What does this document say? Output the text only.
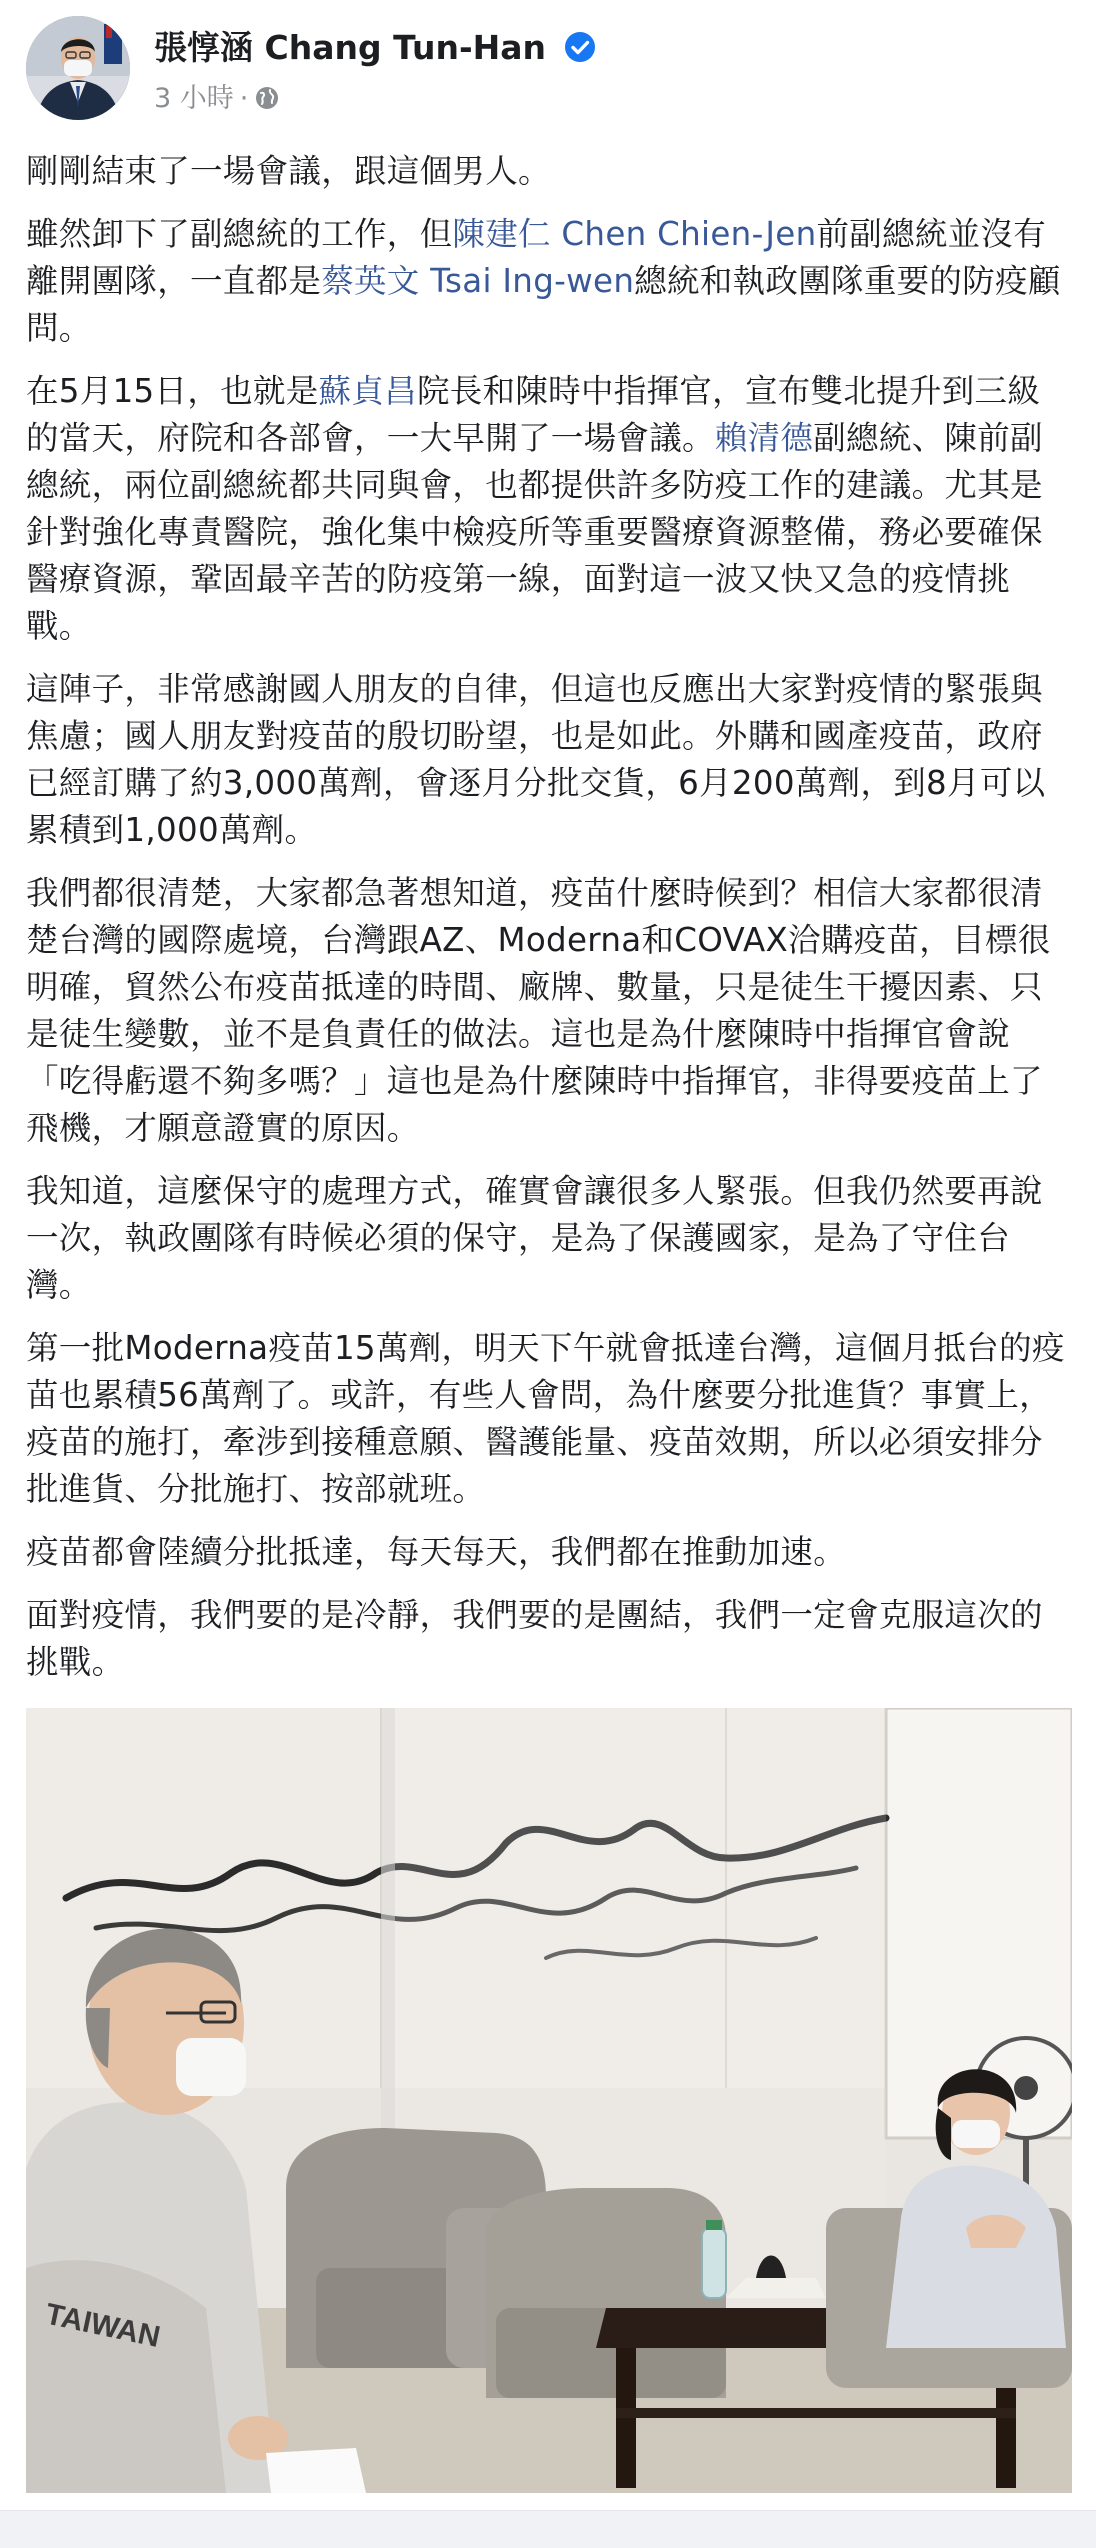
張惇涵 Chang Tun-Han
3 小時 ·

剛剛結束了一場會議，跟這個男人。

雖然卸下了副總統的工作，但陳建仁 Chen Chien-Jen前副總統並沒有離開團隊，一直都是蔡英文 Tsai Ing-wen總統和執政團隊重要的防疫顧問。

在5月15日，也就是蘇貞昌院長和陳時中指揮官，宣布雙北提升到三級的當天，府院和各部會，一大早開了一場會議。賴清德副總統、陳前副總統，兩位副總統都共同與會，也都提供許多防疫工作的建議。尤其是針對強化專責醫院，強化集中檢疫所等重要醫療資源整備，務必要確保醫療資源，鞏固最辛苦的防疫第一線，面對這一波又快又急的疫情挑戰。

這陣子，非常感謝國人朋友的自律，但這也反應出大家對疫情的緊張與焦慮；國人朋友對疫苗的殷切盼望，也是如此。外購和國產疫苗，政府已經訂購了約3,000萬劑，會逐月分批交貨，6月200萬劑，到8月可以累積到1,000萬劑。

我們都很清楚，大家都急著想知道，疫苗什麼時候到？相信大家都很清楚台灣的國際處境，台灣跟AZ、Moderna和COVAX洽購疫苗，目標很明確，貿然公布疫苗抵達的時間、廠牌、數量，只是徒生干擾因素、只是徒生變數，並不是負責任的做法。這也是為什麼陳時中指揮官會說「吃得虧還不夠多嗎？」這也是為什麼陳時中指揮官，非得要疫苗上了飛機，才願意證實的原因。

我知道，這麼保守的處理方式，確實會讓很多人緊張。但我仍然要再說一次，執政團隊有時候必須的保守，是為了保護國家，是為了守住台灣。

第一批Moderna疫苗15萬劑，明天下午就會抵達台灣，這個月抵台的疫苗也累積56萬劑了。或許，有些人會問，為什麼要分批進貨？事實上，疫苗的施打，牽涉到接種意願、醫護能量、疫苗效期，所以必須安排分批進貨、分批施打、按部就班。

疫苗都會陸續分批抵達，每天每天，我們都在推動加速。

面對疫情，我們要的是冷靜，我們要的是團結，我們一定會克服這次的挑戰。

TAIWAN
